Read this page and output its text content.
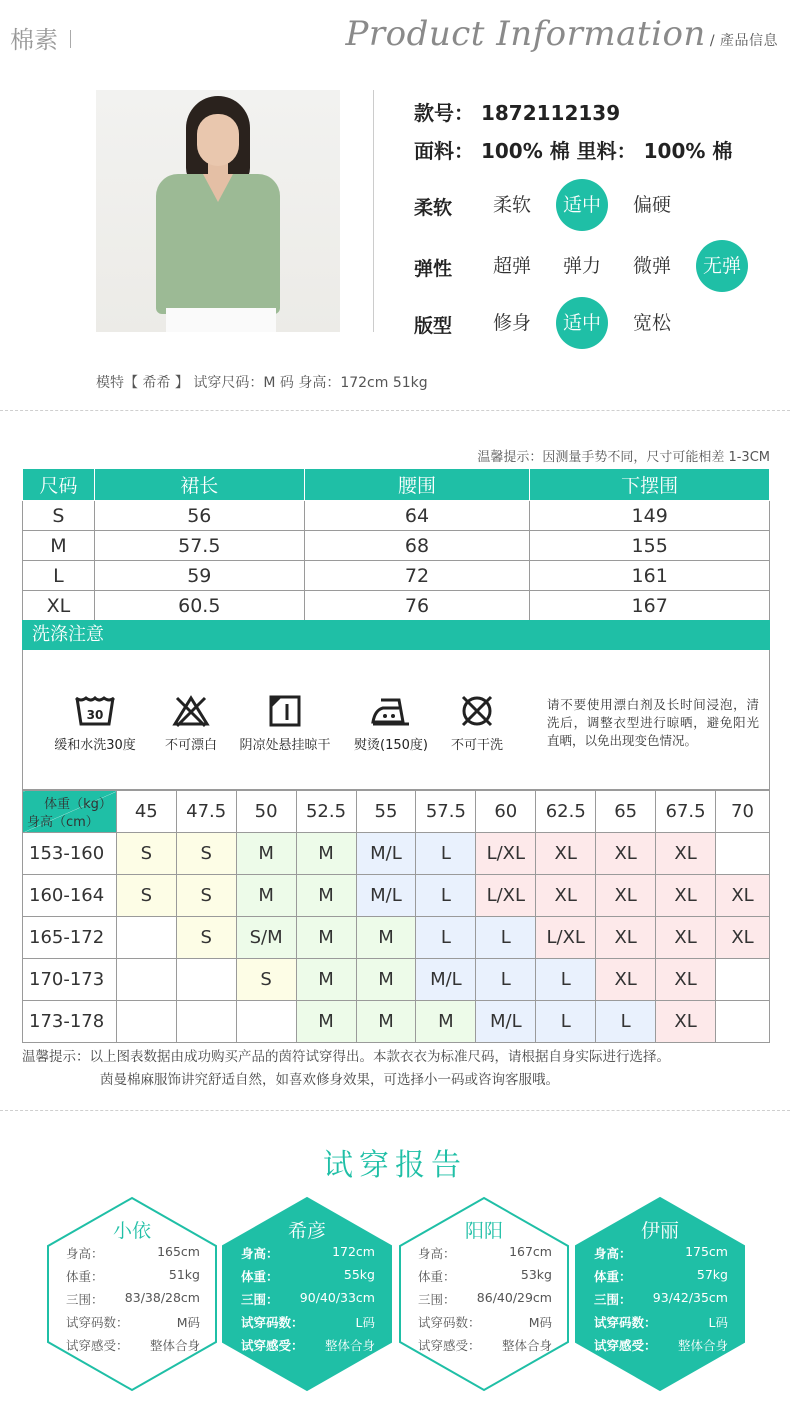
棉素	Product Information / 產品信息
款号： 1872112139
面料： 100% 棉 里料： 100% 棉
柔软	柔软	适中	偏硬
弹性	超弹	弹力	微弹	无弹
版型	修身	适中	宽松
模特【 希希 】 试穿尺码：M 码 身高：172cm 51kg
温馨提示：因测量手势不同，尺寸可能相差 1-3CM
尺码	裙长	腰围	下摆围
S	56	64	149
M	57.5	68	155
L	59	72	161
XL	60.5	76	167
洗涤注意
30
缓和水洗30度	不可漂白	阴凉处悬挂晾干	熨烫(150度)	不可干洗
请不要使用漂白剂及长时间浸泡，清洗后，调整衣型进行晾晒，避免阳光直晒，以免出现变色情况。
体重（kg）
身高（cm）	45	47.5	50	52.5	55	57.5	60	62.5	65	67.5	70
153-160	S	S	M	M	M/L	L	L/XL	XL	XL	XL	
160-164	S	S	M	M	M/L	L	L/XL	XL	XL	XL	XL
165-172		S	S/M	M	M	L	L	L/XL	XL	XL	XL
170-173			S	M	M	M/L	L	L	XL	XL	
173-178				M	M	M	M/L	L	L	XL	
温馨提示：以上图表数据由成功购买产品的茵符试穿得出。本款衣衣为标准尺码，请根据自身实际进行选择。
茵曼棉麻服饰讲究舒适自然，如喜欢修身效果，可选择小一码或咨询客服哦。
试穿报告
小依
身高：	165cm
体重：	51kg
三围： 83/38/28cm
试穿码数：	M码
试穿感受： 整体合身
希彦
身高：	172cm
体重：	55kg
三围： 90/40/33cm
试穿码数：	L码
试穿感受： 整体合身
阳阳
身高：	167cm
体重：	53kg
三围： 86/40/29cm
试穿码数：	M码
试穿感受： 整体合身
伊丽
身高：	175cm
体重：	57kg
三围： 93/42/35cm
试穿码数：	L码
试穿感受： 整体合身
